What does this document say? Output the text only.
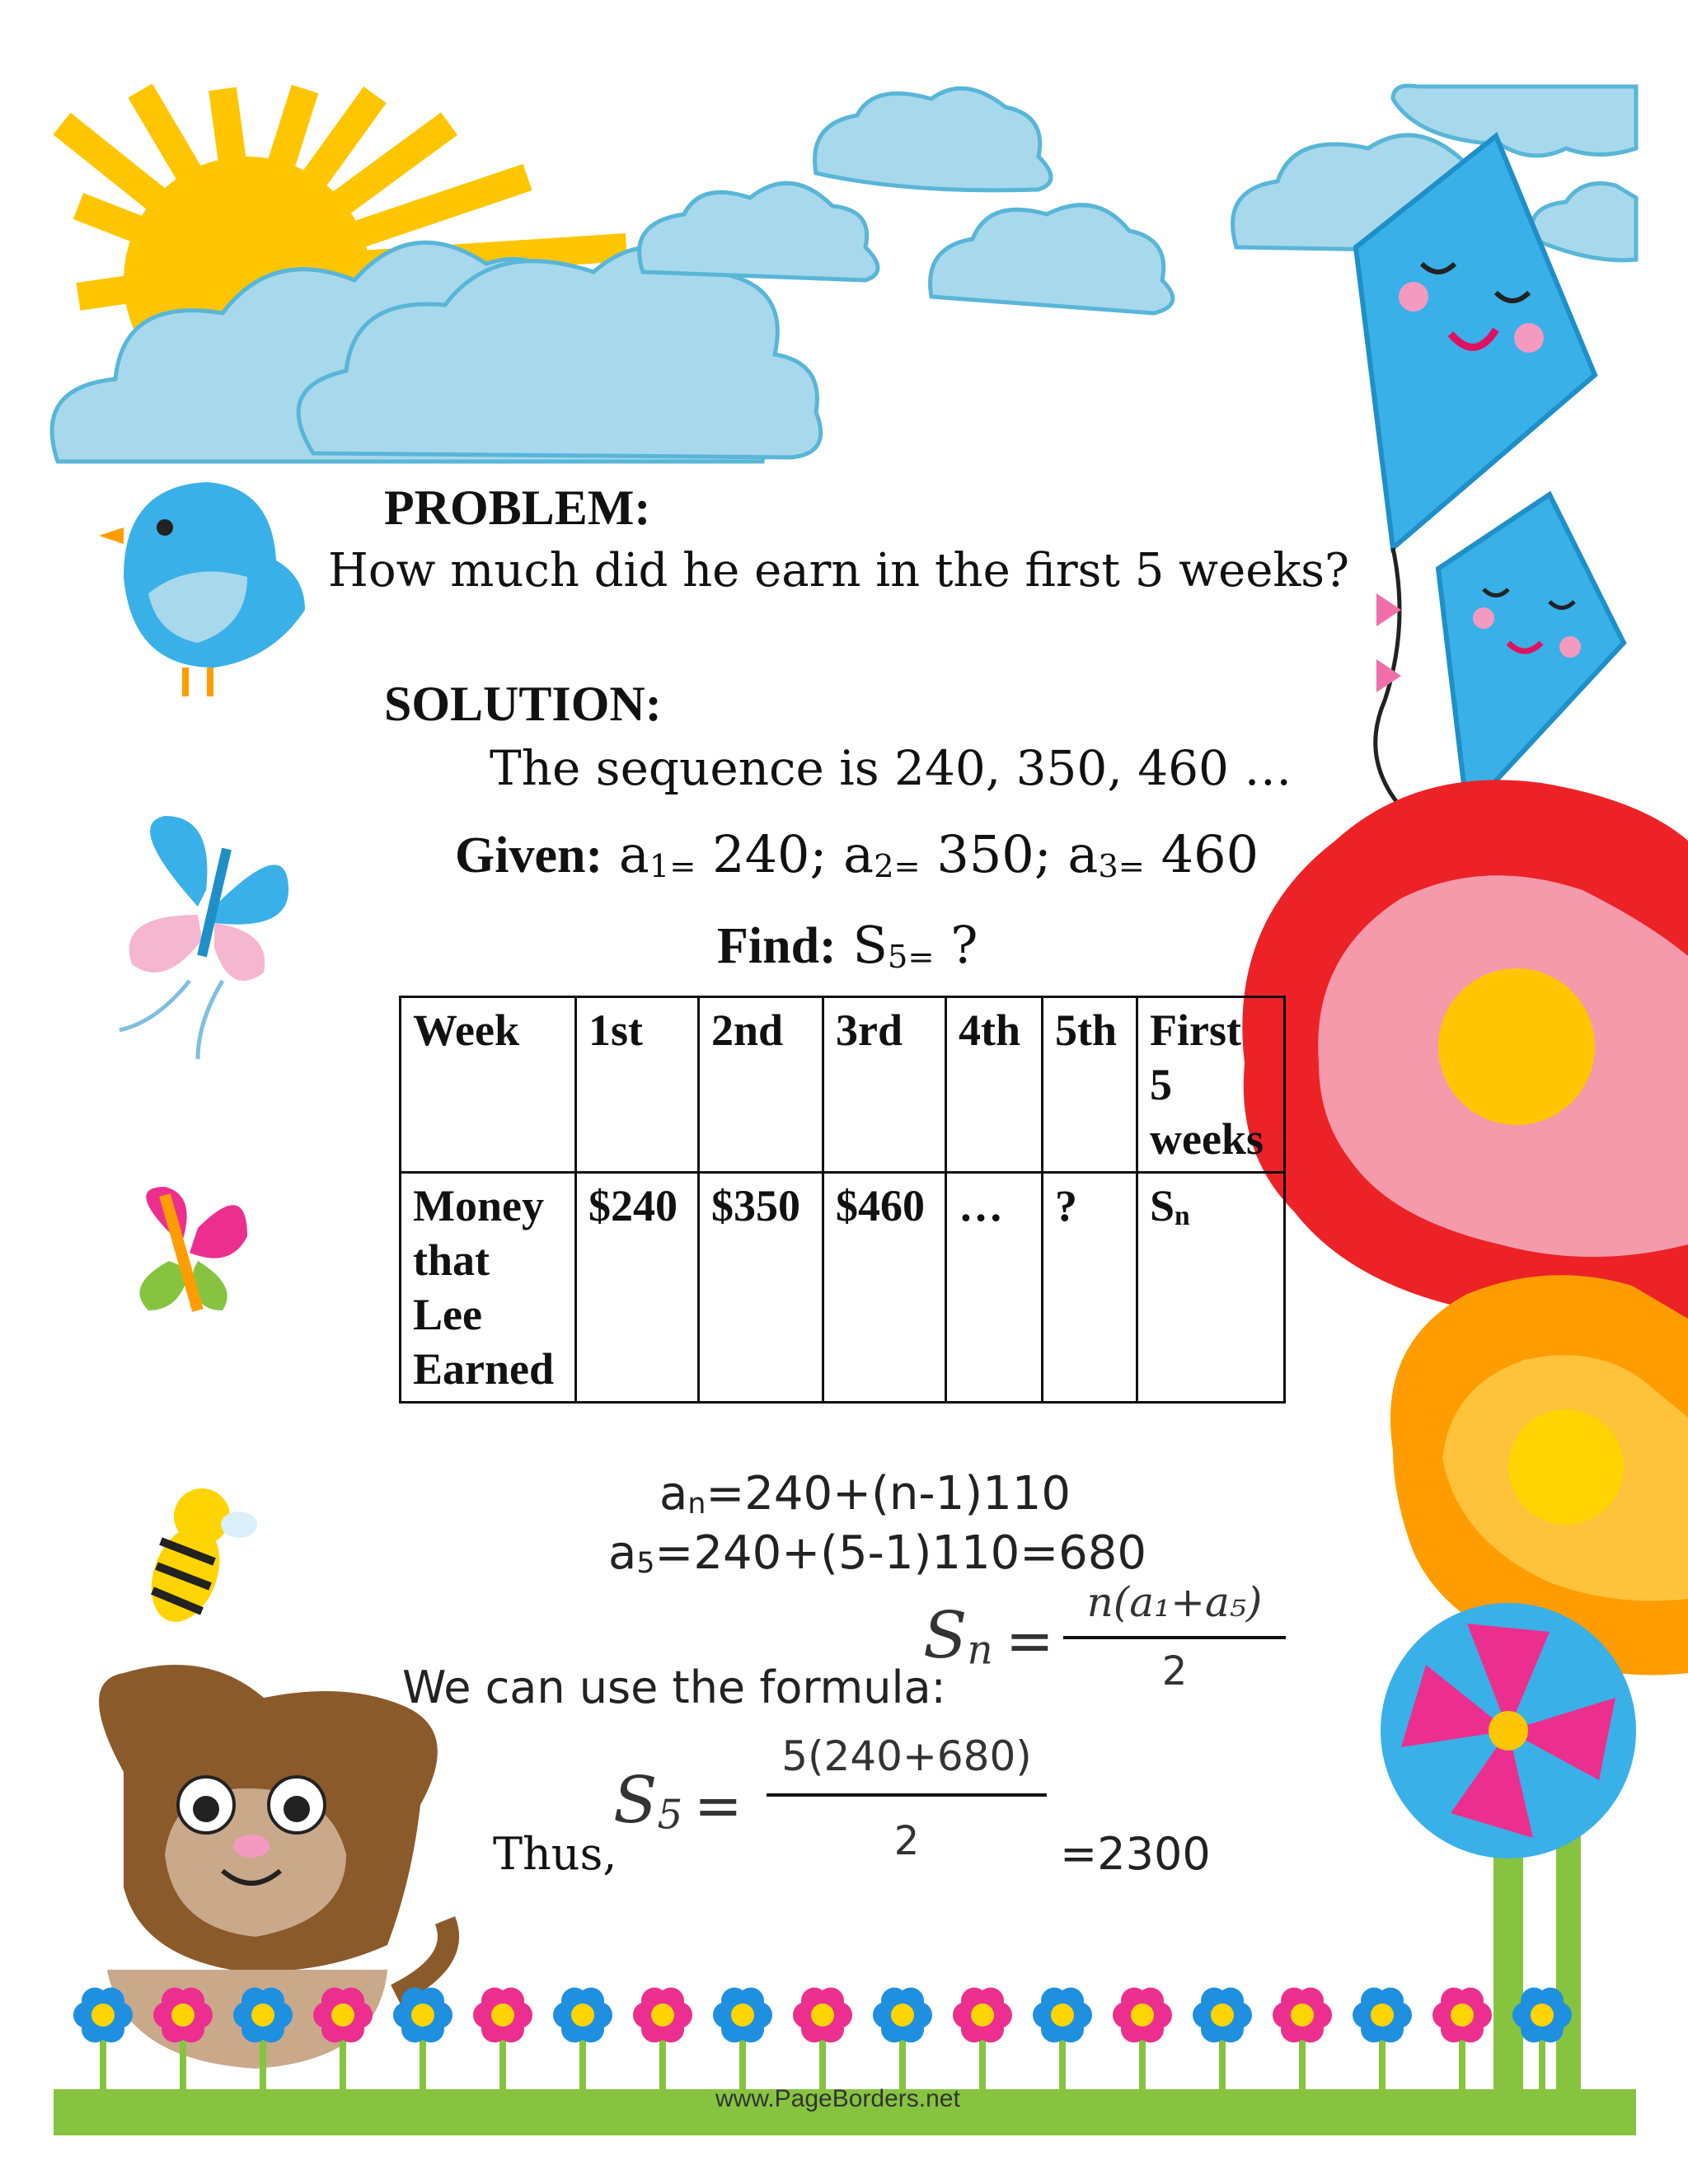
PROBLEM:
How much did he earn in the first 5 weeks?
SOLUTION:
The sequence is 240, 350, 460 …
Given: $a_{1=}$ 240; $a_{2=}$ 350; $a_{3=}$ 460
Find: $S_{5=}$ ?
Week	1st	2nd	3rd	4th	5th	First 5 weeks
Money that Lee Earned	$240	$350	$460	…	?	$S_n$
$a_n=240+(n-1)110$
$a_5=240+(5-1)110=680$
$S_n$ =
n(a₁+a₅)
2
We can use the formula:
Thus,
$S_5$ =
5(240+680)
2	=2300
www.PageBorders.net
